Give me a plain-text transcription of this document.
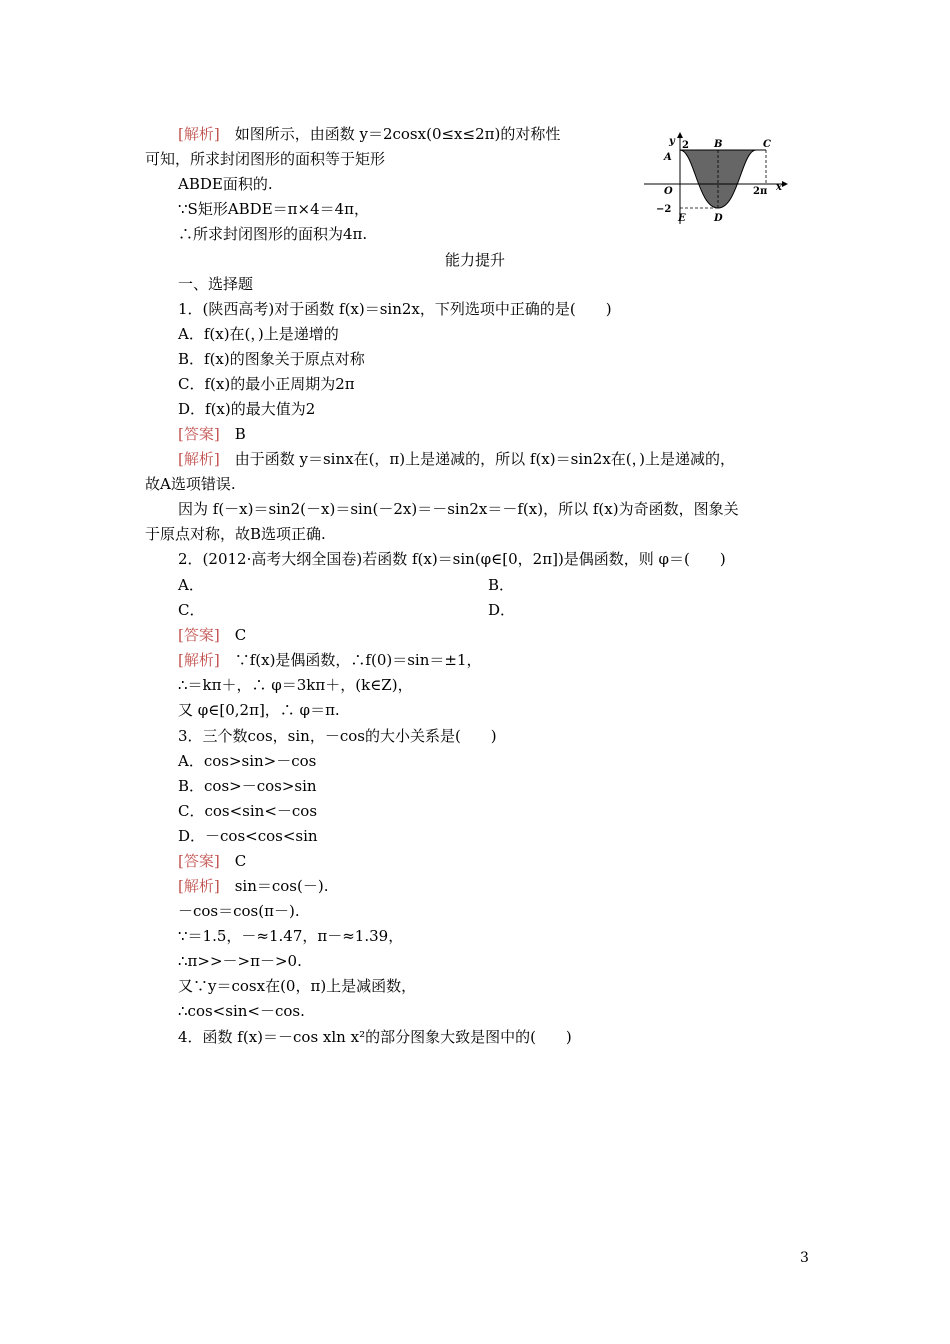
[解析]　如图所示，由函数 y＝2cosx(0≤x≤2π)的对称性
可知，所求封闭图形的面积等于矩形
ABDE面积的.
∵S矩形ABDE＝π×4＝4π，
∴所求封闭图形的面积为4π.
y 2
A
B	C
O	2π x
−2
E	D
能力提升
一、选择题
1．(陕西高考)对于函数 f(x)＝sin2x，下列选项中正确的是(　　)
A．f(x)在(，)上是递增的
B．f(x)的图象关于原点对称
C．f(x)的最小正周期为2π
D．f(x)的最大值为2
[答案]　B
[解析]　由于函数 y＝sinx在(，π)上是递减的，所以 f(x)＝sin2x在(，)上是递减的，
故A选项错误.
因为 f(－x)＝sin2(－x)＝sin(－2x)＝－sin2x＝－f(x)，所以 f(x)为奇函数，图象关
于原点对称，故B选项正确.
2．(2012·高考大纲全国卷)若函数 f(x)＝sin(φ∈[0，2π])是偶函数，则 φ＝(　　)
A．	B．
C．	D．
[答案]　C
[解析]　∵f(x)是偶函数，∴f(0)＝sin＝±1，
∴＝kπ＋，∴ φ＝3kπ＋，(k∈Z)，
又 φ∈[0,2π]，∴ φ＝π.
3．三个数cos，sin，－cos的大小关系是(　　)
A．cos>sin>－cos
B．cos>－cos>sin
C．cos<sin<－cos
D．－cos<cos<sin
[答案]　C
[解析]　sin＝cos(－).
－cos＝cos(π－).
∵＝1.5，－≈1.47，π－≈1.39，
∴π>>－>π－>0.
又∵y＝cosx在(0，π)上是减函数，
∴cos<sin<－cos.
4．函数 f(x)＝－cos xln x²的部分图象大致是图中的(　　)
3
